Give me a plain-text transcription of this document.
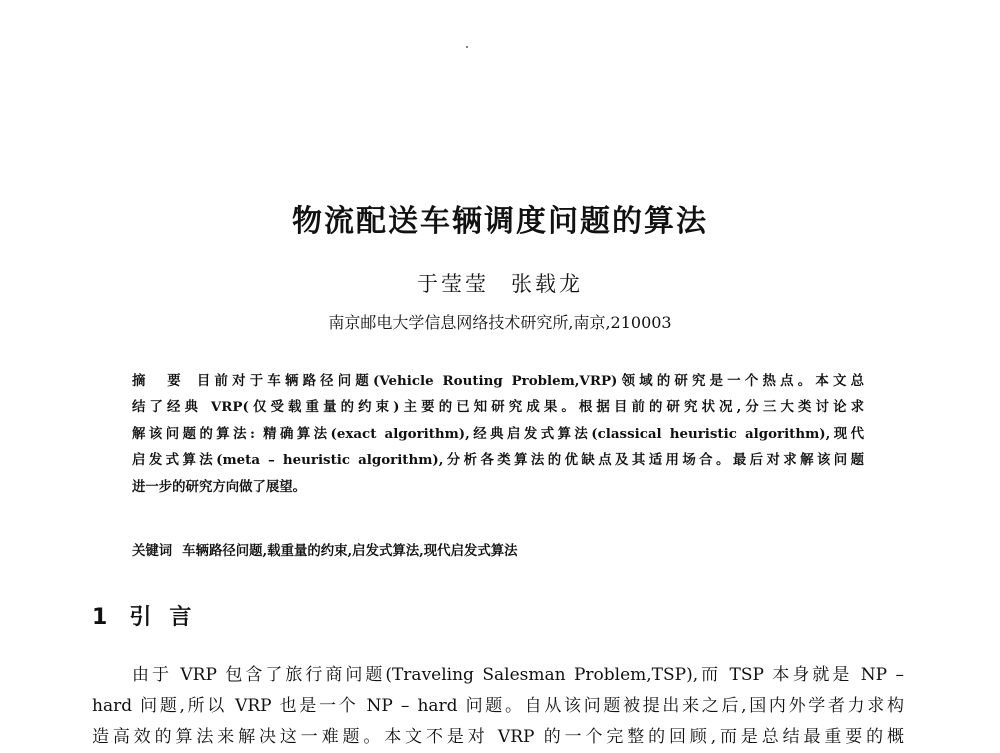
物流配送车辆调度问题的算法
于莹莹 张载龙
南京邮电大学信息网络技术研究所,南京,210003
摘　要 目前对于车辆路径问题(Vehicle Routing Problem,VRP)领域的研究是一个热点。本文总
结了经典 VRP(仅受载重量的约束)主要的已知研究成果。根据目前的研究状况,分三大类讨论求
解该问题的算法: 精确算法(exact algorithm),经典启发式算法(classical heuristic algorithm),现代
启发式算法(meta – heuristic algorithm),分析各类算法的优缺点及其适用场合。最后对求解该问题
进一步的研究方向做了展望。
关键词 车辆路径问题,载重量的约束,启发式算法,现代启发式算法
1 引言
由于 VRP 包含了旅行商问题(Traveling Salesman Problem,TSP),而 TSP 本身就是 NP –
hard 问题,所以 VRP 也是一个 NP – hard 问题。自从该问题被提出来之后,国内外学者力求构
造高效的算法来解决这一难题。本文不是对 VRP 的一个完整的回顾,而是总结最重要的概
